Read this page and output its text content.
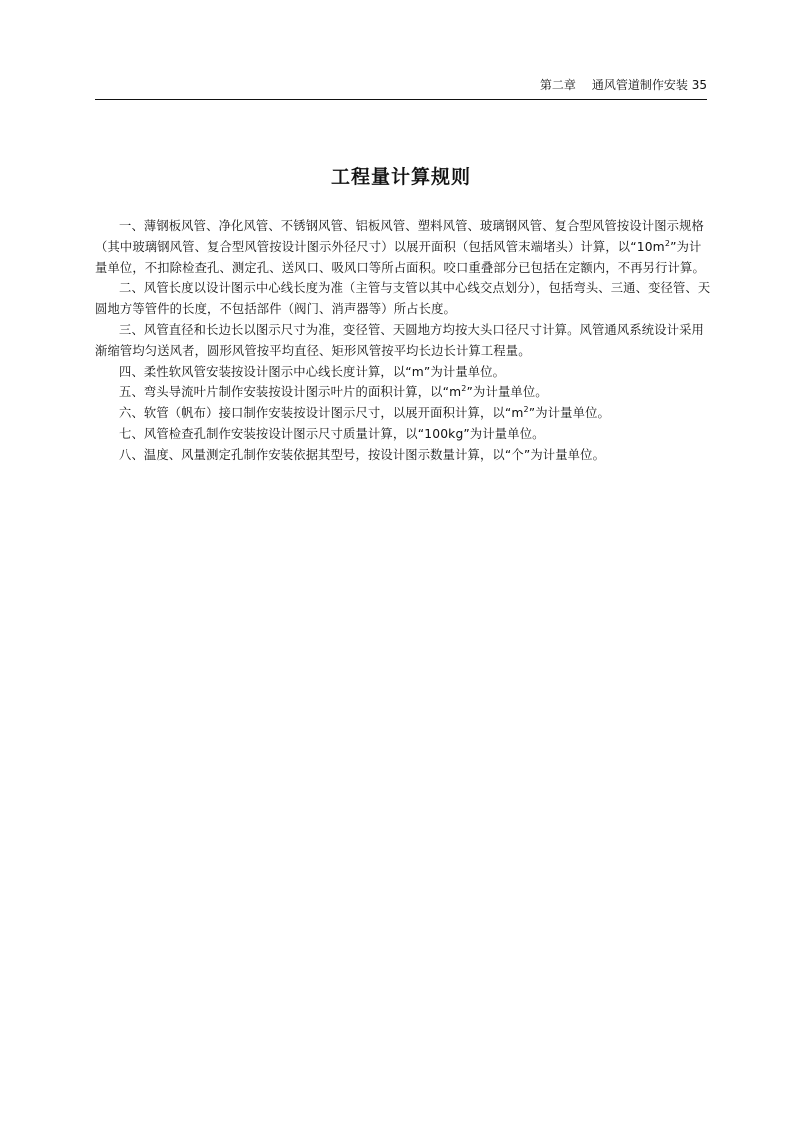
第二章 通风管道制作安装 35
工程量计算规则

一、薄钢板风管、净化风管、不锈钢风管、铝板风管、塑料风管、玻璃钢风管、复合型风管按设计图示规格（其中玻璃钢风管、复合型风管按设计图示外径尺寸）以展开面积（包括风管末端堵头）计算，以“$10m^2$”为计量单位，不扣除检查孔、测定孔、送风口、吸风口等所占面积。咬口重叠部分已包括在定额内，不再另行计算。

二、风管长度以设计图示中心线长度为准（主管与支管以其中心线交点划分），包括弯头、三通、变径管、天圆地方等管件的长度，不包括部件（阀门、消声器等）所占长度。

三、风管直径和长边长以图示尺寸为准，变径管、天圆地方均按大头口径尺寸计算。风管通风系统设计采用渐缩管均匀送风者，圆形风管按平均直径、矩形风管按平均长边长计算工程量。

四、柔性软风管安装按设计图示中心线长度计算，以“m”为计量单位。

五、弯头导流叶片制作安装按设计图示叶片的面积计算，以“$m^2$”为计量单位。

六、软管（帆布）接口制作安装按设计图示尺寸，以展开面积计算，以“$m^2$”为计量单位。

七、风管检查孔制作安装按设计图示尺寸质量计算，以“100kg”为计量单位。

八、温度、风量测定孔制作安装依据其型号，按设计图示数量计算，以“个”为计量单位。
